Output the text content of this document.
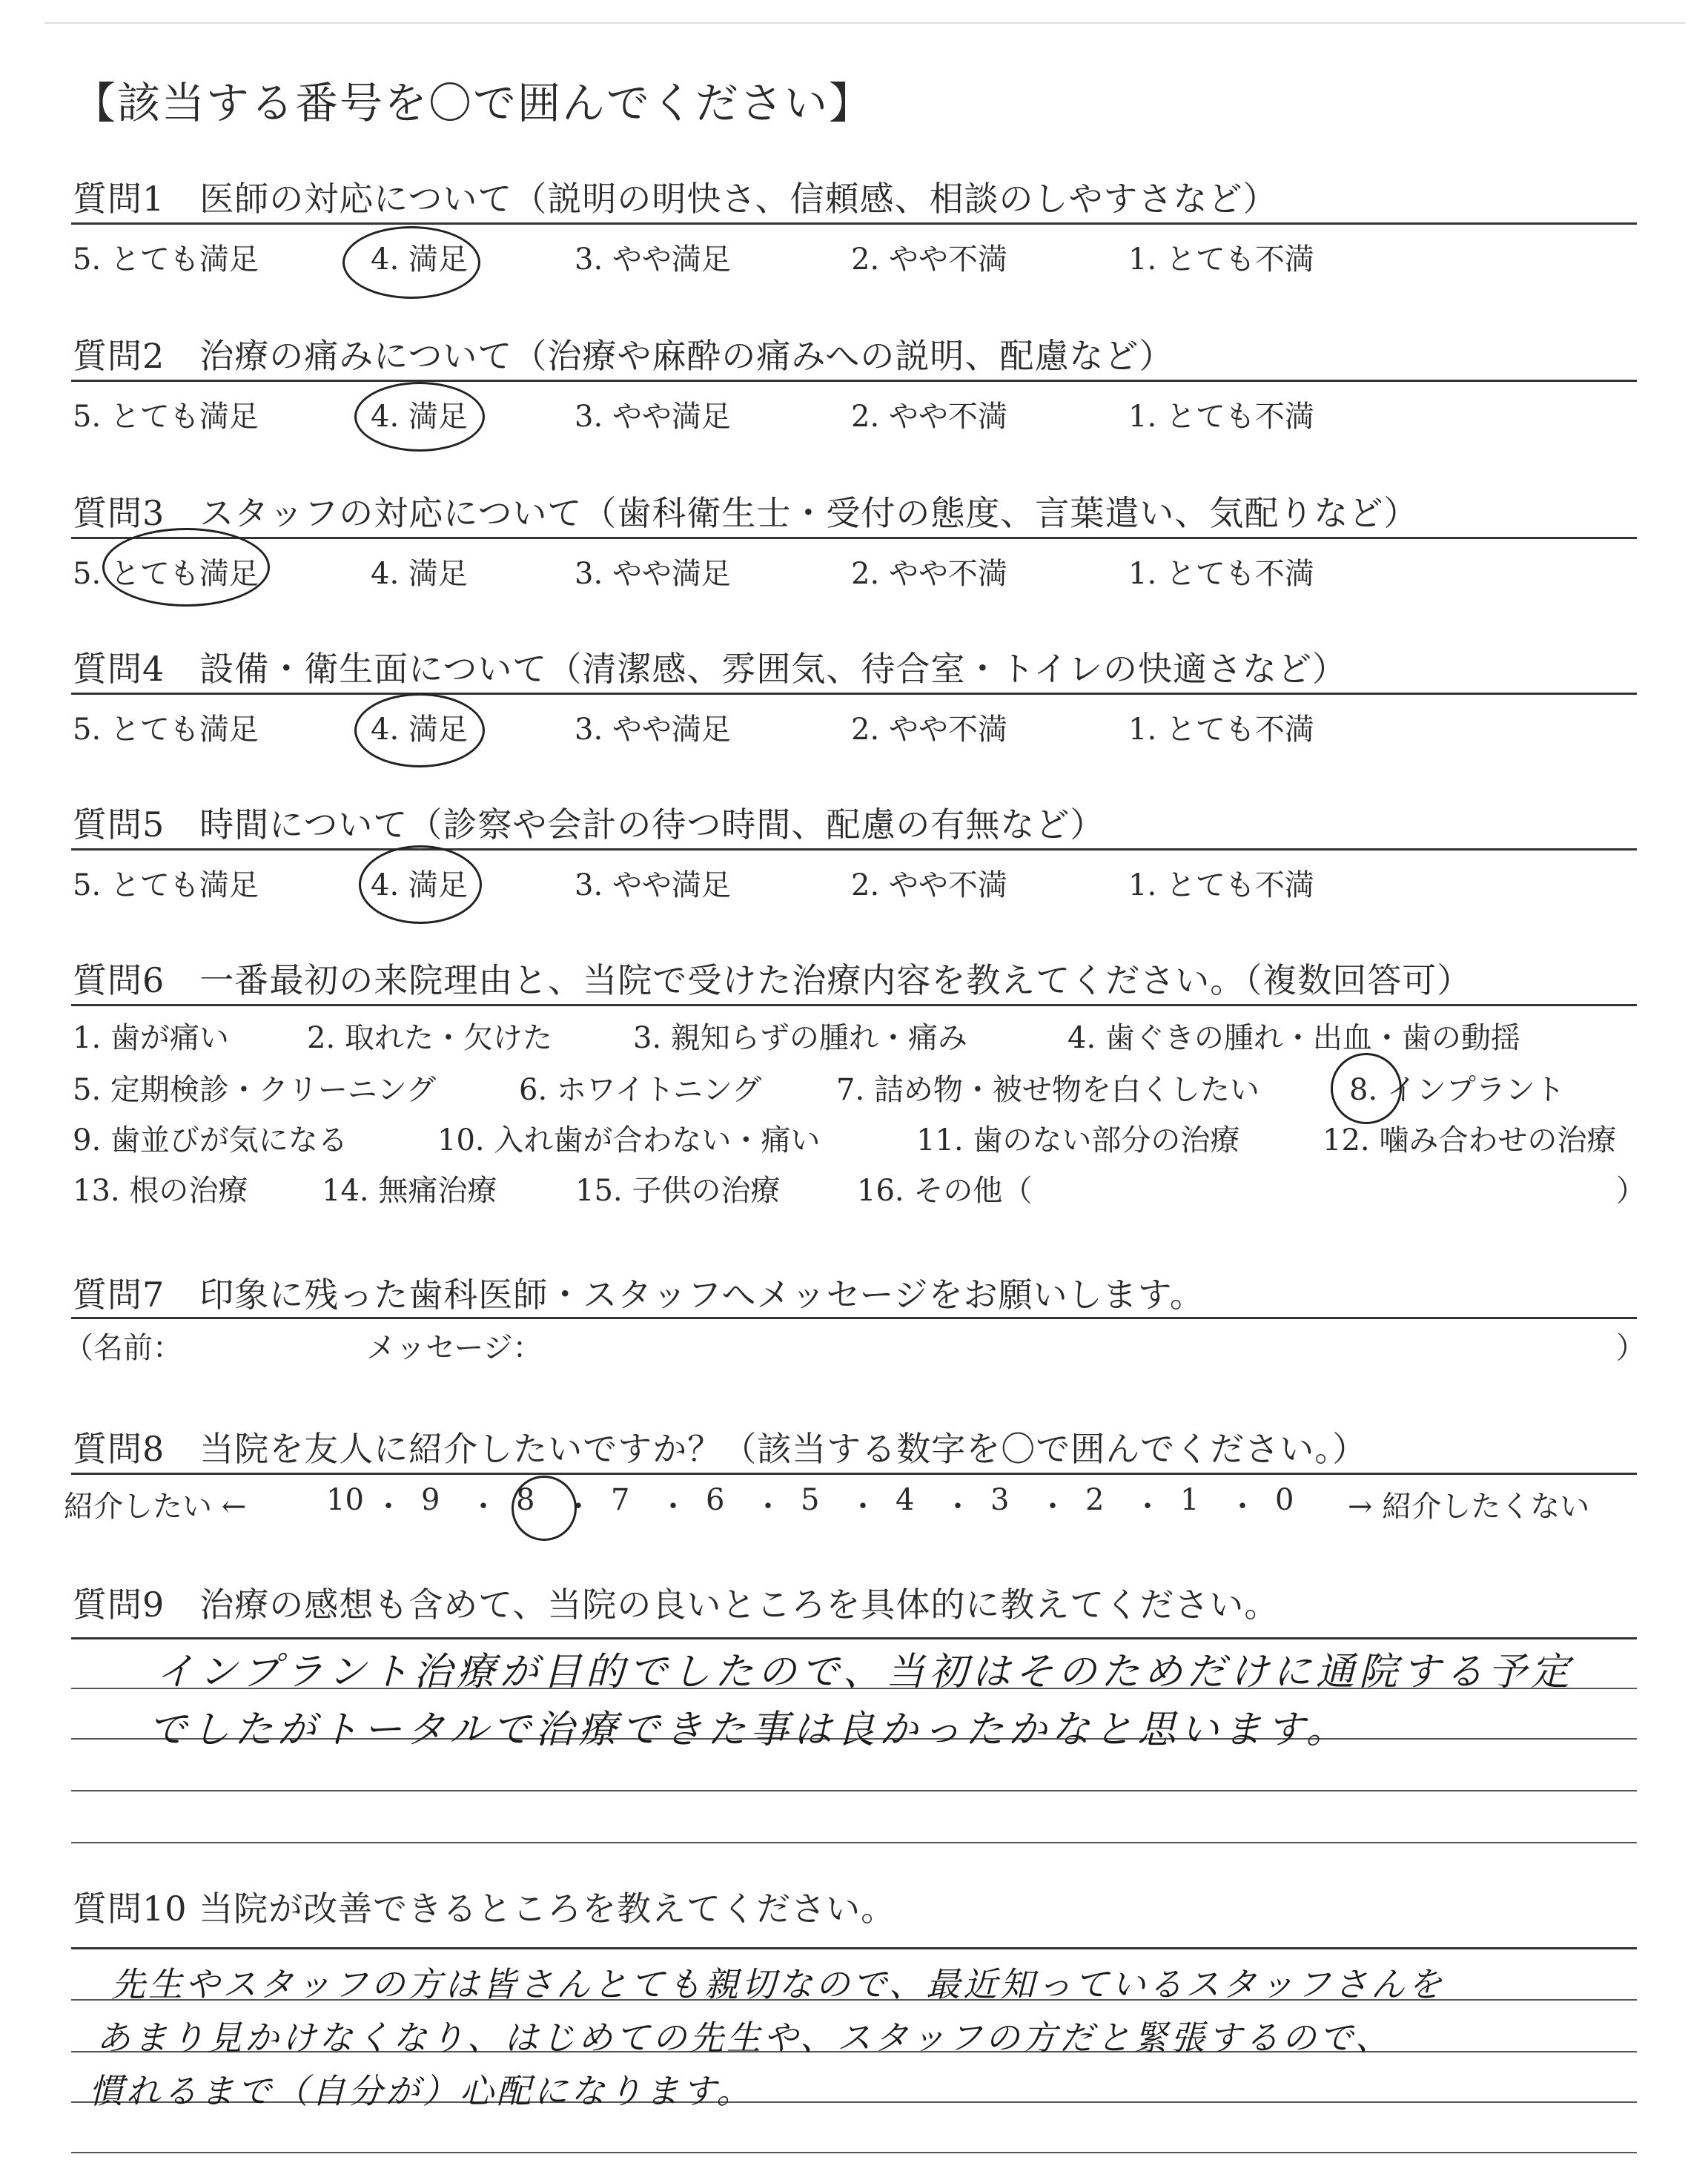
【該当する番号を〇で囲んでください】
質問1　医師の対応について（説明の明快さ、信頼感、相談のしやすさなど）
5. とても満足	4. 満足	3. やや満足	2. やや不満	1. とても不満
質問2　治療の痛みについて（治療や麻酔の痛みへの説明、配慮など）
5. とても満足	4. 満足	3. やや満足	2. やや不満	1. とても不満
質問3　スタッフの対応について（歯科衛生士・受付の態度、言葉遣い、気配りなど）
5. とても満足	4. 満足	3. やや満足	2. やや不満	1. とても不満
質問4　設備・衛生面について（清潔感、雰囲気、待合室・トイレの快適さなど）
5. とても満足	4. 満足	3. やや満足	2. やや不満	1. とても不満
質問5　時間について（診察や会計の待つ時間、配慮の有無など）
5. とても満足	4. 満足	3. やや満足	2. やや不満	1. とても不満
質問6　一番最初の来院理由と、当院で受けた治療内容を教えてください。（複数回答可）
1. 歯が痛い	2. 取れた・欠けた	3. 親知らずの腫れ・痛み	4. 歯ぐきの腫れ・出血・歯の動揺
5. 定期検診・クリーニング	6. ホワイトニング	7. 詰め物・被せ物を白くしたい	8. インプラント
9. 歯並びが気になる	10. 入れ歯が合わない・痛い	11. 歯のない部分の治療	12. 噛み合わせの治療
13. 根の治療 14. 無痛治療	15. 子供の治療	16. その他（	）
質問7　印象に残った歯科医師・スタッフへメッセージをお願いします。
（名前：	メッセージ：	）
質問8　当院を友人に紹介したいですか？（該当する数字を〇で囲んでください。）
紹介したい ←	10 ・ 9 ・ 8 ・ 7 ・ 6 ・ 5 ・ 4 ・ 3 ・ 2 ・ 1 ・ 0 → 紹介したくない
質問9　治療の感想も含めて、当院の良いところを具体的に教えてください。
インプラント治療が目的でしたので、当初はそのためだけに通院する予定
でしたがトータルで治療できた事は良かったかなと思います。
質問10 当院が改善できるところを教えてください。
先生やスタッフの方は皆さんとても親切なので、最近知っているスタッフさんを
あまり見かけなくなり、はじめての先生や、スタッフの方だと緊張するので、
慣れるまで（自分が）心配になります。
